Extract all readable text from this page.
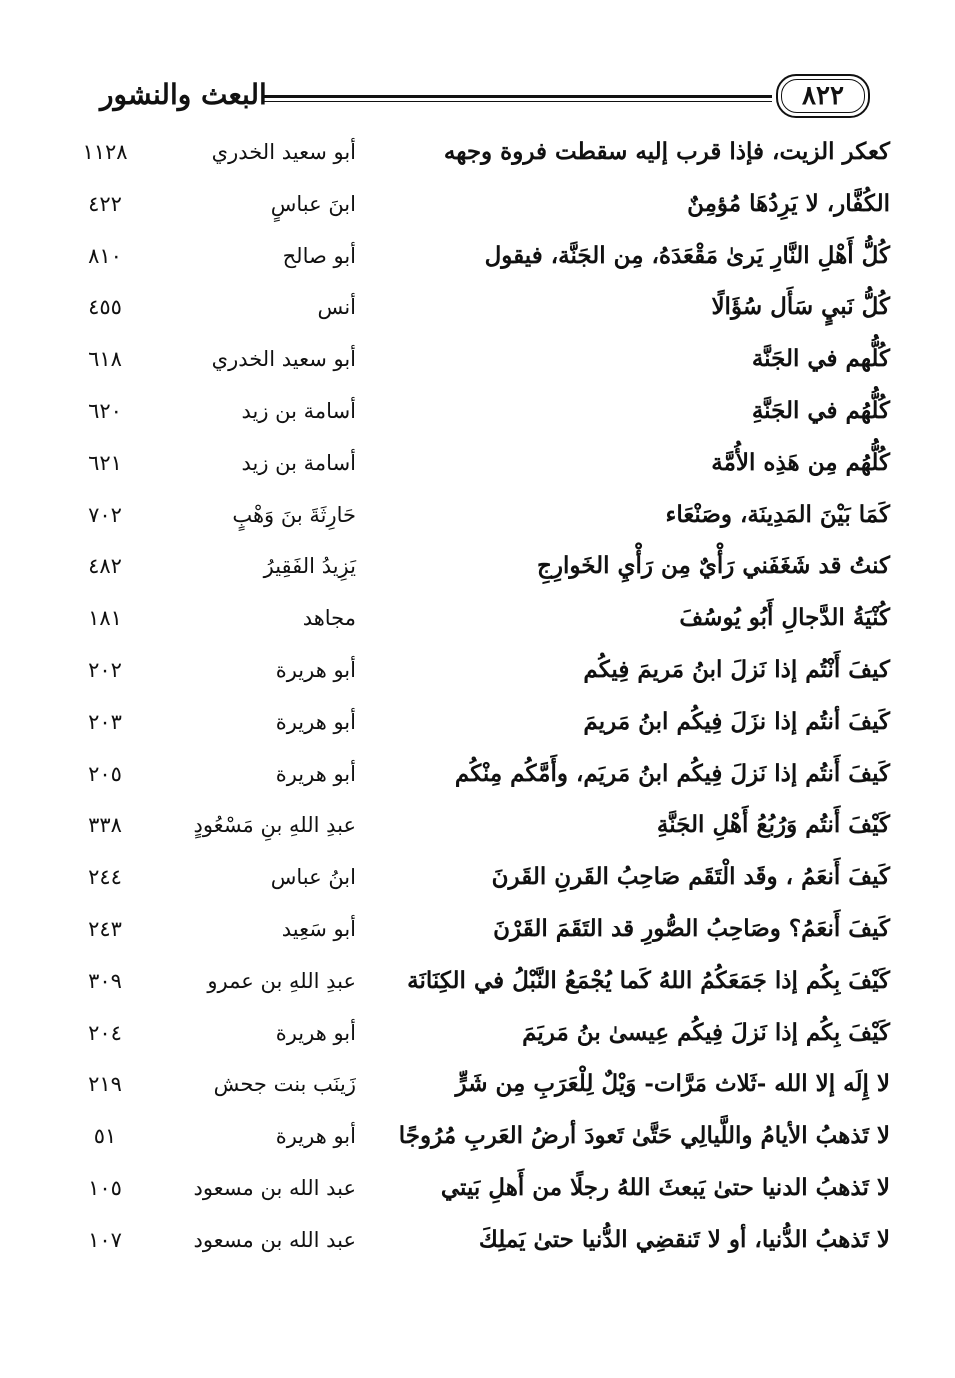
البعث والنشور	٨٢٢
كعكر الزيت، فإذا قرب إليه سقطت فروة وجهه
أبو سعيد الخدري
١١٢٨
الكُفَّار، لا يَرِدُهَا مُؤمِنٌ
ابنَ عباسٍ
٤٢٢
كُلُّ أَهْلِ النَّارِ يَرىٰ مَقْعَدَهُ، مِن الجَنَّة، فيقول
أبو صالح
٨١٠
كُلُّ نَبيٍ سَأَل سُؤَالًا
أنس
٤٥٥
كُلُّهم في الجَنَّة
أبو سعيد الخدري
٦١٨
كُلُّهُم في الجَنَّةِ
أسامة بن زيد
٦٢٠
كُلُّهُم مِن هَذِه الأُمَّة
أسامة بن زيد
٦٢١
كَمَا بَيْنَ المَدِينَة، وصَنْعَاء
حَارِثَةَ بنَ وَهْبٍ
٧٠٢
كنتُ قد شَغَفَني رَأْيٌ مِن رَأْيِ الخَوارِجِ
يَزِيدُ الفَقِيرُ
٤٨٢
كُنْيَةُ الدَّجالِ أَبُو يُوسُفَ
مجاهد
١٨١
كيفَ أَنْتُم إذا نَزلَ ابنُ مَريمَ فِيكُم
أبو هريرة
٢٠٢
كَيفَ أنتُم إذا نزَلَ فِيكُم ابنُ مَريمَ
أبو هريرة
٢٠٣
كَيفَ أَنتُم إذا نَزلَ فِيكُم ابنُ مَريَم، وأَمَّكُم مِنْكُم
أبو هريرة
٢٠٥
كَيْفَ أَنتُم وَرُبُعُ أَهْلِ الجَنَّةِ
عبدِ اللهِ بنِ مَسْعُودٍ
٣٣٨
كَيفَ أَنعَمُ ، وقَد الْتَقَم صَاحِبُ القَرنِ القَرنَ
ابنُ عباس
٢٤٤
كَيفَ أَنعَمُ؟ وصَاحِبُ الصُّورِ قد التَقَمَ القَرْنَ
أبو سَعِيد
٢٤٣
كَيْفَ بِكُم إذا جَمَعَكُمُ اللهُ كَما يُجْمَعُ النَّبْلُ في الكِنَانَة
عبدِ اللهِ بن عمرو
٣٠٩
كَيْفَ بِكُم إذا نَزلَ فِيكُم عِيسىٰ بنُ مَريَمَ
أبو هريرة
٢٠٤
لا إِلَه إلا الله -ثَلاث مَرَّات- وَيْلٌ لِلْعَرَبِ مِن شَرٍّ
زَينَب بنت جحش
٢١٩
لا تَذهبُ الأيامُ واللَّيالِي حَتَّىٰ تَعودَ أرضُ العَربِ مُرُوجًا
أبو هريرة
٥١
لا تَذهبُ الدنيا حتىٰ يَبعثَ اللهُ رجلًا من أَهلِ بَيتي
عبد الله بن مسعود
١٠٥
لا تَذهبُ الدُّنيا، أو لا تَنقضِي الدُّنيا حتىٰ يَملِكَ
عبد الله بن مسعود
١٠٧
